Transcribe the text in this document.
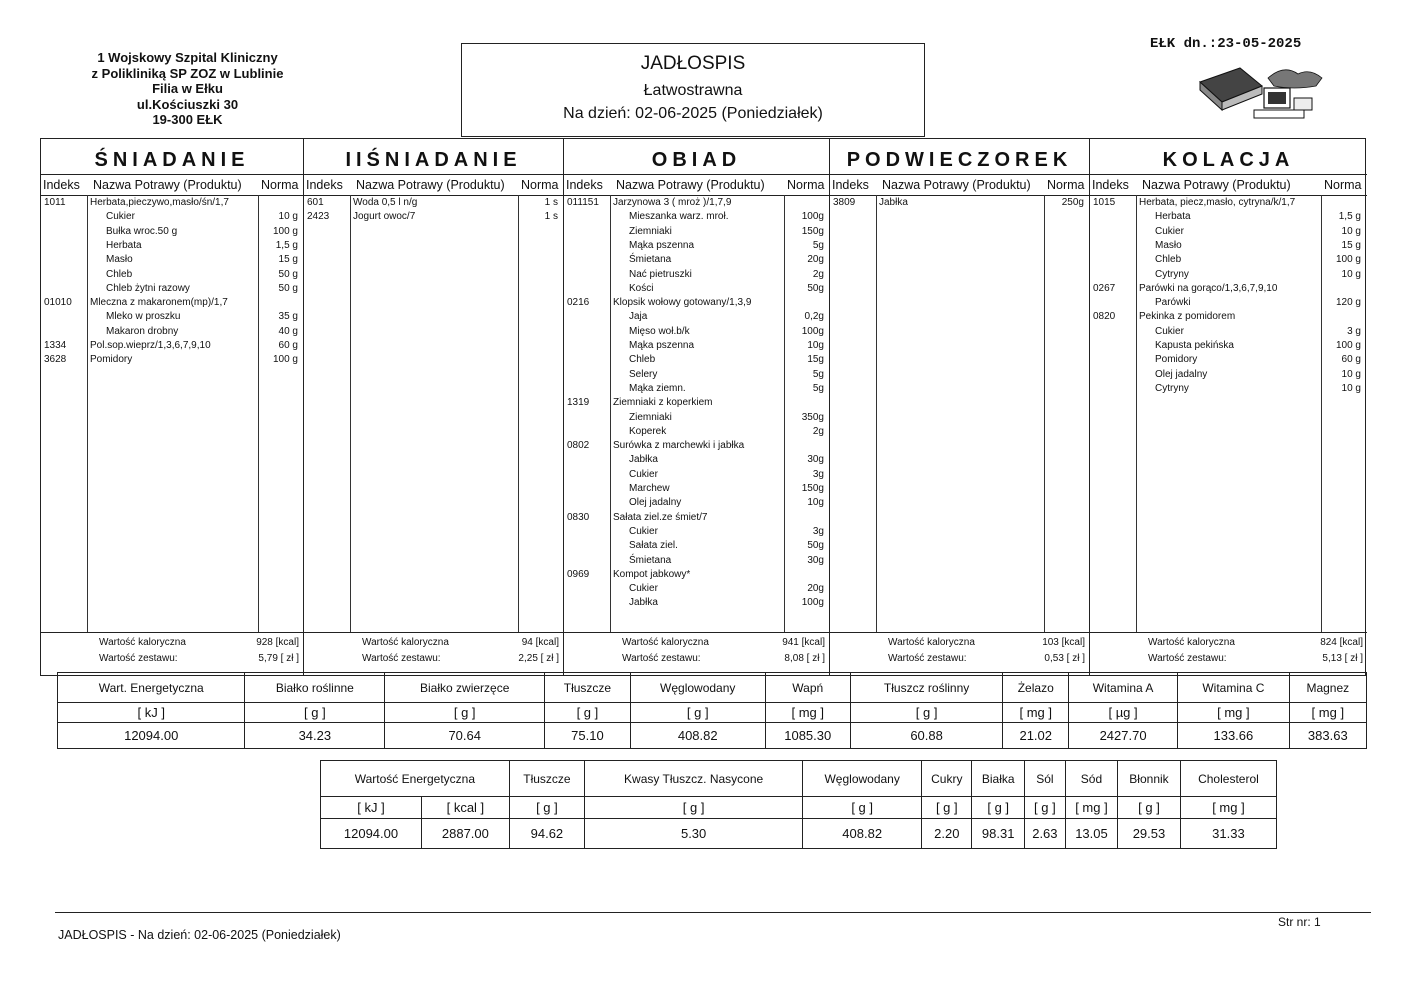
1 Wojskowy Szpital Kliniczny
z Polikliniką SP ZOZ w Lublinie
Filia w Ełku
ul.Kościuszki 30
19-300 EŁK
JADŁOSPIS
Łatwostrawna
Na dzień: 02-06-2025 (Poniedziałek)
EŁK dn.:23-05-2025
ŚNIADANIE
Indeks Nazwa Potrawy (Produktu) Norma
1011 Herbata,pieczywo,masło/śn/1,7
Cukier	10 g
Bułka wroc.50 g	100 g
Herbata	1,5 g
Masło	15 g
Chleb	50 g
Chleb żytni razowy	50 g
01010 Mleczna z makaronem(mp)/1,7
Mleko w proszku	35 g
Makaron drobny	40 g
1334 Pol.sop.wieprz/1,3,6,7,9,10	60 g
3628 Pomidory	100 g
Wartość kaloryczna	928 [kcal]
Wartość zestawu:	5,79 [ zł ]
IIŚNIADANIE
Indeks Nazwa Potrawy (Produktu) Norma
601	Woda 0,5 l n/g	1 s
2423 Jogurt owoc/7	1 s
Wartość kaloryczna	94 [kcal]
Wartość zestawu:	2,25 [ zł ]
OBIAD
Indeks Nazwa Potrawy (Produktu) Norma
011151 Jarzynowa 3 ( mroż )/1,7,9
Mieszanka warz. mroł.	100g
Ziemniaki	150g
Mąka pszenna	5g
Śmietana	20g
Nać pietruszki	2g
Kości	50g
0216 Klopsik wołowy gotowany/1,3,9
Jaja	0,2g
Mięso woł.b/k	100g
Mąka pszenna	10g
Chleb	15g
Selery	5g
Mąka ziemn.	5g
1319 Ziemniaki z koperkiem
Ziemniaki	350g
Koperek	2g
0802 Surówka z marchewki i jabłka
Jabłka	30g
Cukier	3g
Marchew	150g
Olej jadalny	10g
0830 Sałata ziel.ze śmiet/7
Cukier	3g
Sałata ziel.	50g
Śmietana	30g
0969 Kompot jabkowy*
Cukier	20g
Jabłka	100g
Wartość kaloryczna	941 [kcal]
Wartość zestawu:	8,08 [ zł ]
PODWIECZOREK
Indeks Nazwa Potrawy (Produktu) Norma
3809 Jabłka	250g
Wartość kaloryczna	103 [kcal]
Wartość zestawu:	0,53 [ zł ]
KOLACJA
Indeks Nazwa Potrawy (Produktu)	Norma
1015 Herbata, piecz,masło, cytryna/k/1,7
Herbata	1,5 g
Cukier	10 g
Masło	15 g
Chleb	100 g
Cytryny	10 g
0267 Parówki na gorąco/1,3,6,7,9,10
Parówki	120 g
0820 Pekinka z pomidorem
Cukier	3 g
Kapusta pekińska	100 g
Pomidory	60 g
Olej jadalny	10 g
Cytryny	10 g
Wartość kaloryczna	824 [kcal]
Wartość zestawu:	5,13 [ zł ]
Wart. Energetyczna	Białko roślinne	Białko zwierzęce	Tłuszcze	Węglowodany	Wapń	Tłuszcz roślinny	Żelazo	Witamina A	Witamina C	Magnez
[ kJ ]	[ g ]	[ g ]	[ g ]	[ g ]	[ mg ]	[ g ]	[ mg ]	[ µg ]	[ mg ]	[ mg ]
12094.00	34.23	70.64	75.10	408.82	1085.30	60.88	21.02	2427.70	133.66	383.63
Wartość Energetyczna		Tłuszcze	Kwasy Tłuszcz. Nasycone	Węglowodany	Cukry	Białka	Sól	Sód	Błonnik	Cholesterol
[ kJ ]	[ kcal ]	[ g ]	[ g ]	[ g ]	[ g ]	[ g ]	[ g ]	[ mg ]	[ g ]	[ mg ]
12094.00	2887.00	94.62	5.30	408.82	2.20	98.31	2.63	13.05	29.53	31.33
JADŁOSPIS - Na dzień: 02-06-2025 (Poniedziałek)
Str nr: 1
